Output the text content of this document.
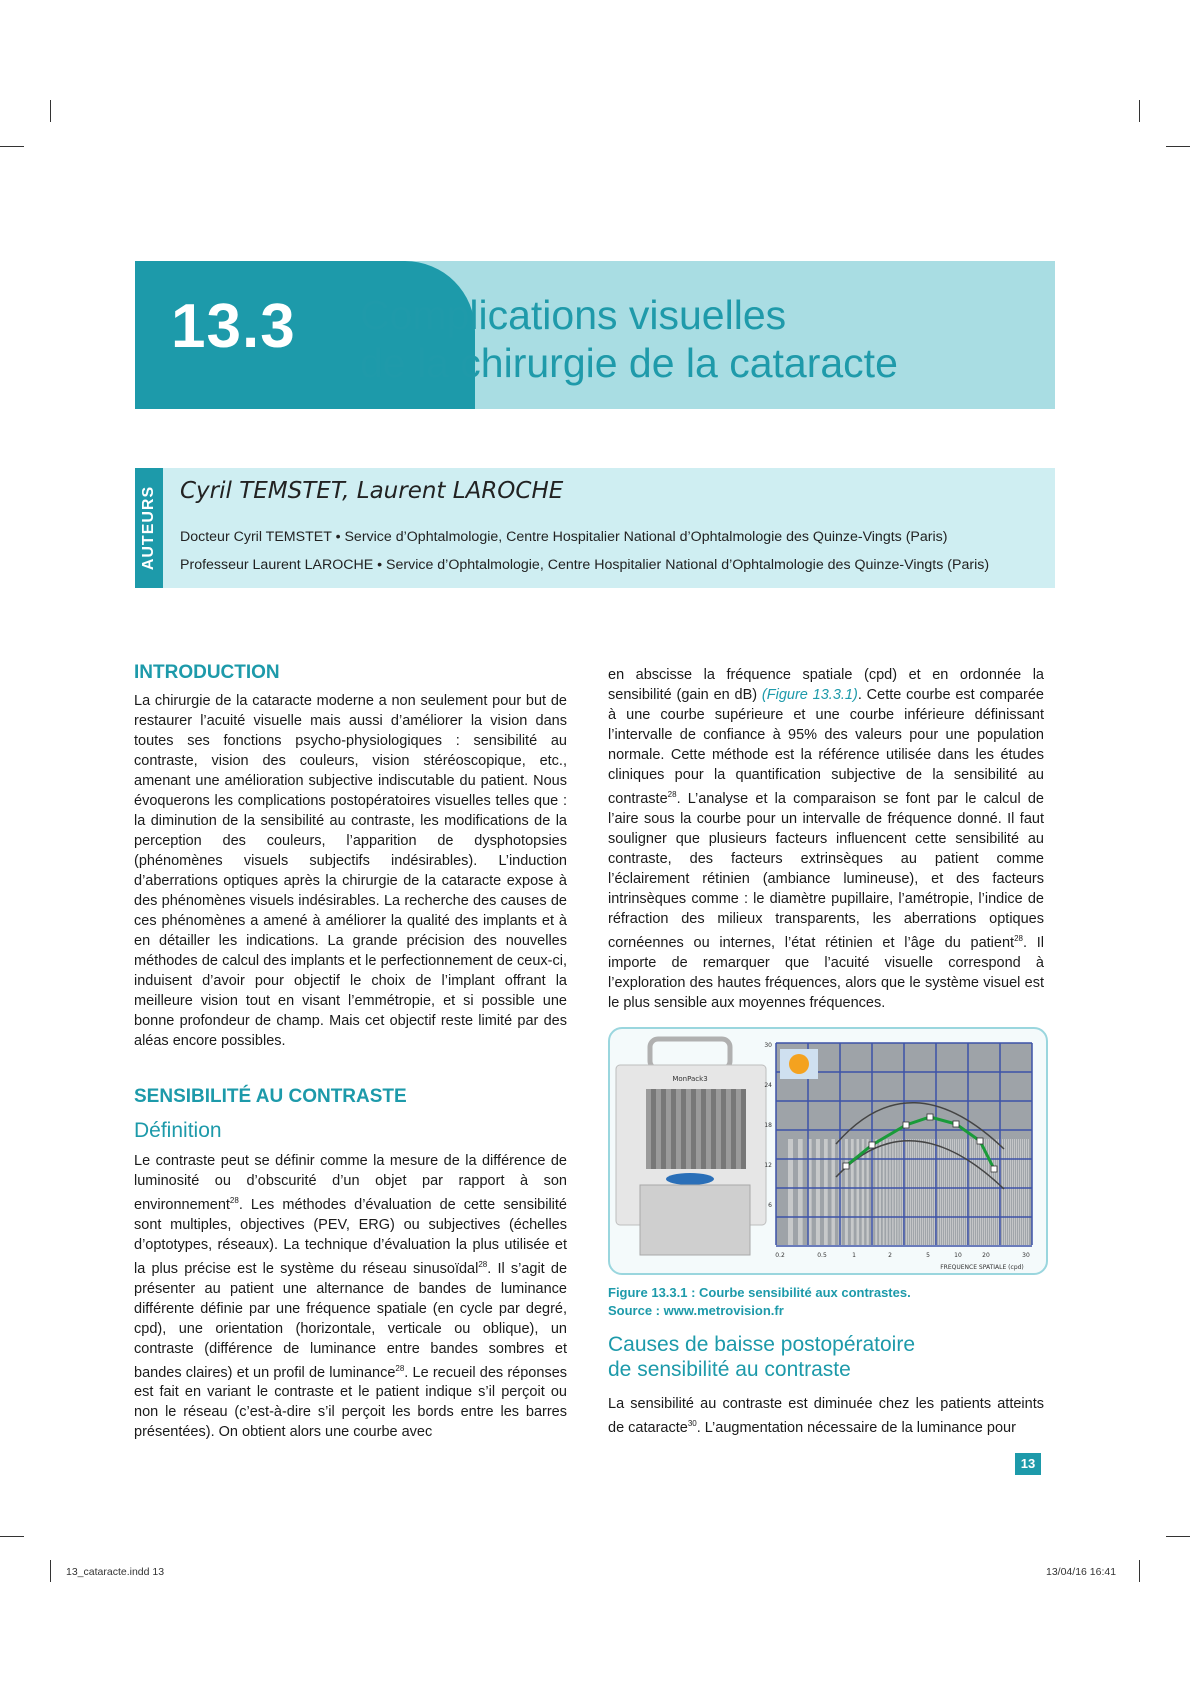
13.3 Complications visuelles
de la chirurgie de la cataracte
AUTEURS Cyril TEMSTET, Laurent LAROCHE
Docteur Cyril TEMSTET • Service d’Ophtalmologie, Centre Hospitalier National d’Ophtalmologie des Quinze-Vingts (Paris)
Professeur Laurent LAROCHE • Service d’Ophtalmologie, Centre Hospitalier National d’Ophtalmologie des Quinze-Vingts (Paris)
INTRODUCTION

La chirurgie de la cataracte moderne a non seulement pour but de restaurer l’acuité visuelle mais aussi d’améliorer la vision dans toutes ses fonctions psycho-physiologiques : sensibilité au contraste, vision des couleurs, vision stéréoscopique, etc., amenant une amélioration subjective indiscutable du patient. Nous évoquerons les complications postopératoires visuelles telles que : la diminution de la sensibilité au contraste, les modifications de la perception des couleurs, l’apparition de dysphotopsies (phénomènes visuels subjectifs indésirables). L’induction d’aberrations optiques après la chirurgie de la cataracte expose à des phénomènes visuels indésirables. La recherche des causes de ces phénomènes a amené à améliorer la qualité des implants et à en détailler les indications. La grande précision des nouvelles méthodes de calcul des implants et le perfectionnement de ceux-ci, induisent d’avoir pour objectif le choix de l’implant offrant la meilleure vision tout en visant l’emmétropie, et si possible une bonne profondeur de champ. Mais cet objectif reste limité par des aléas encore possibles.

SENSIBILITÉ AU CONTRASTE
Définition

Le contraste peut se définir comme la mesure de la différence de luminosité ou d’obscurité d’un objet par rapport à son environnement$^{28}$. Les méthodes d’évaluation de cette sensibilité sont multiples, objectives (PEV, ERG) ou subjectives (échelles d’optotypes, réseaux). La technique d’évaluation la plus utilisée et la plus précise est le système du réseau sinusoïdal$^{28}$. Il s’agit de présenter au patient une alternance de bandes de luminance différente définie par une fréquence spatiale (en cycle par degré, cpd), une orientation (horizontale, verticale ou oblique), un contraste (différence de luminance entre bandes sombres et bandes claires) et un profil de luminance$^{28}$. Le recueil des réponses est fait en variant le contraste et le patient indique s’il perçoit ou non le réseau (c’est-à-dire s’il perçoit les bords entre les barres présentées). On obtient alors une courbe avec

en abscisse la fréquence spatiale (cpd) et en ordonnée la sensibilité (gain en dB) (Figure 13.3.1). Cette courbe est comparée à une courbe supérieure et une courbe inférieure définissant l’intervalle de confiance à 95% des valeurs pour une population normale. Cette méthode est la référence utilisée dans les études cliniques pour la quantification subjective de la sensibilité au contraste$^{28}$. L’analyse et la comparaison se font par le calcul de l’aire sous la courbe pour un intervalle de fréquence donné. Il faut souligner que plusieurs facteurs influencent cette sensibilité au contraste, des facteurs extrinsèques au patient comme l’éclairement rétinien (ambiance lumineuse), et des facteurs intrinsèques comme : le diamètre pupillaire, l’amétropie, l’indice de réfraction des milieux transparents, les aberrations optiques cornéennes ou internes, l’état rétinien et l’âge du patient$^{28}$. Il importe de remarquer que l’acuité visuelle correspond à l’exploration des hautes fréquences, alors que le système visuel est le plus sensible aux moyennes fréquences.

MonPack3
30
24
18
12
6
0.2	0.5	1	2	5	10	20	30
FREQUENCE SPATIALE (cpd)
Figure 13.3.1 : Courbe sensibilité aux contrastes.
Source : www.metrovision.fr
Causes de baisse postopératoire
de sensibilité au contraste

La sensibilité au contraste est diminuée chez les patients atteints de cataracte$^{30}$. L’augmentation nécessaire de la luminance pour

13
13_cataracte.indd 13	13/04/16 16:41
